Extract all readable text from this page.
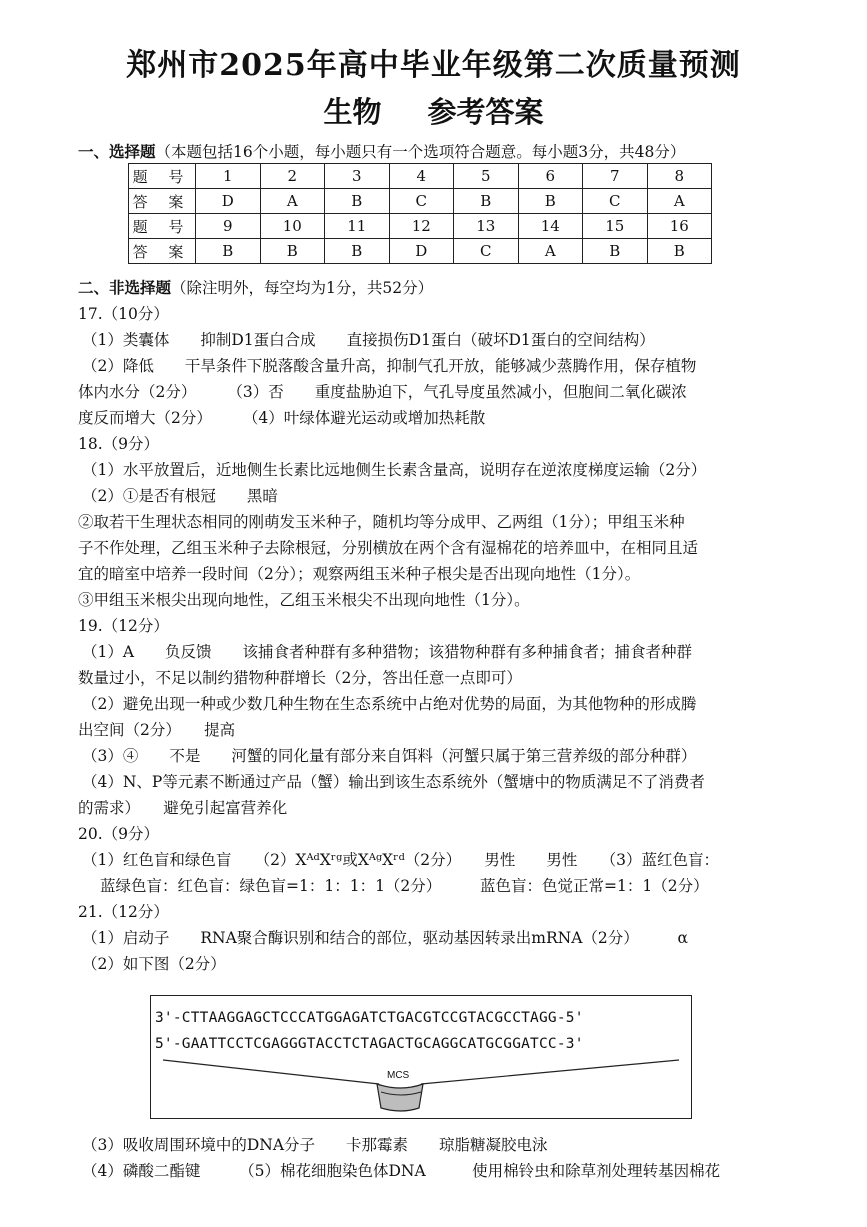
郑州市2025年高中毕业年级第二次质量预测
生物 参考答案
一、选择题（本题包括16个小题，每小题只有一个选项符合题意。每小题3分，共48分）
题 号	1	2	3	4	5	6	7	8
答 案	D	A	B	C	B	B	C	A
题 号	9	10	11	12	13	14	15	16
答 案	B	B	B	D	C	A	B	B
二、非选择题（除注明外，每空均为1分，共52分）
17.（10分）
（1）类囊体　　抑制D1蛋白合成　　直接损伤D1蛋白（破坏D1蛋白的空间结构）
（2）降低　　干旱条件下脱落酸含量升高，抑制气孔开放，能够减少蒸腾作用，保存植物
体内水分（2分）　　　（3）否　　重度盐胁迫下，气孔导度虽然减小，但胞间二氧化碳浓
度反而增大（2分）　　　（4）叶绿体避光运动或增加热耗散
18.（9分）
（1）水平放置后，近地侧生长素比远地侧生长素含量高，说明存在逆浓度梯度运输（2分）
（2）①是否有根冠　　黑暗
②取若干生理状态相同的刚萌发玉米种子，随机均等分成甲、乙两组（1分）；甲组玉米种
子不作处理，乙组玉米种子去除根冠，分别横放在两个含有湿棉花的培养皿中，在相同且适
宜的暗室中培养一段时间（2分）；观察两组玉米种子根尖是否出现向地性（1分）。
③甲组玉米根尖出现向地性，乙组玉米根尖不出现向地性（1分）。
19.（12分）
（1）A　　负反馈　　该捕食者种群有多种猎物；该猎物种群有多种捕食者；捕食者种群
数量过小，不足以制约猎物种群增长（2分，答出任意一点即可）
（2）避免出现一种或少数几种生物在生态系统中占绝对优势的局面，为其他物种的形成腾
出空间（2分）　　提高
（3）④　　不是　　河蟹的同化量有部分来自饵料（河蟹只属于第三营养级的部分种群）
（4）N、P等元素不断通过产品（蟹）输出到该生态系统外（蟹塘中的物质满足不了消费者
的需求）　　避免引起富营养化
20.（9分）
（1）红色盲和绿色盲　　（2）XᴬᵈXʳᵍ或XᴬᵍXʳᵈ（2分）　　男性　　男性　　（3）蓝红色盲：
蓝绿色盲：红色盲：绿色盲=1：1：1：1（2分）　　　蓝色盲：色觉正常=1：1（2分）
21.（12分）
（1）启动子　　RNA聚合酶识别和结合的部位，驱动基因转录出mRNA（2分）　　　α
（2）如下图（2分）
3'-CTTAAGGAGCTCCCATGGAGATCTGACGTCCGTACGCCTAGG-5'
5'-GAATTCCTCGAGGGTACCTCTAGACTGCAGGCATGCGGATCC-3'
MCS
（3）吸收周围环境中的DNA分子　　卡那霉素　　琼脂糖凝胶电泳
（4）磷酸二酯键　　　（5）棉花细胞染色体DNA　　　使用棉铃虫和除草剂处理转基因棉花
